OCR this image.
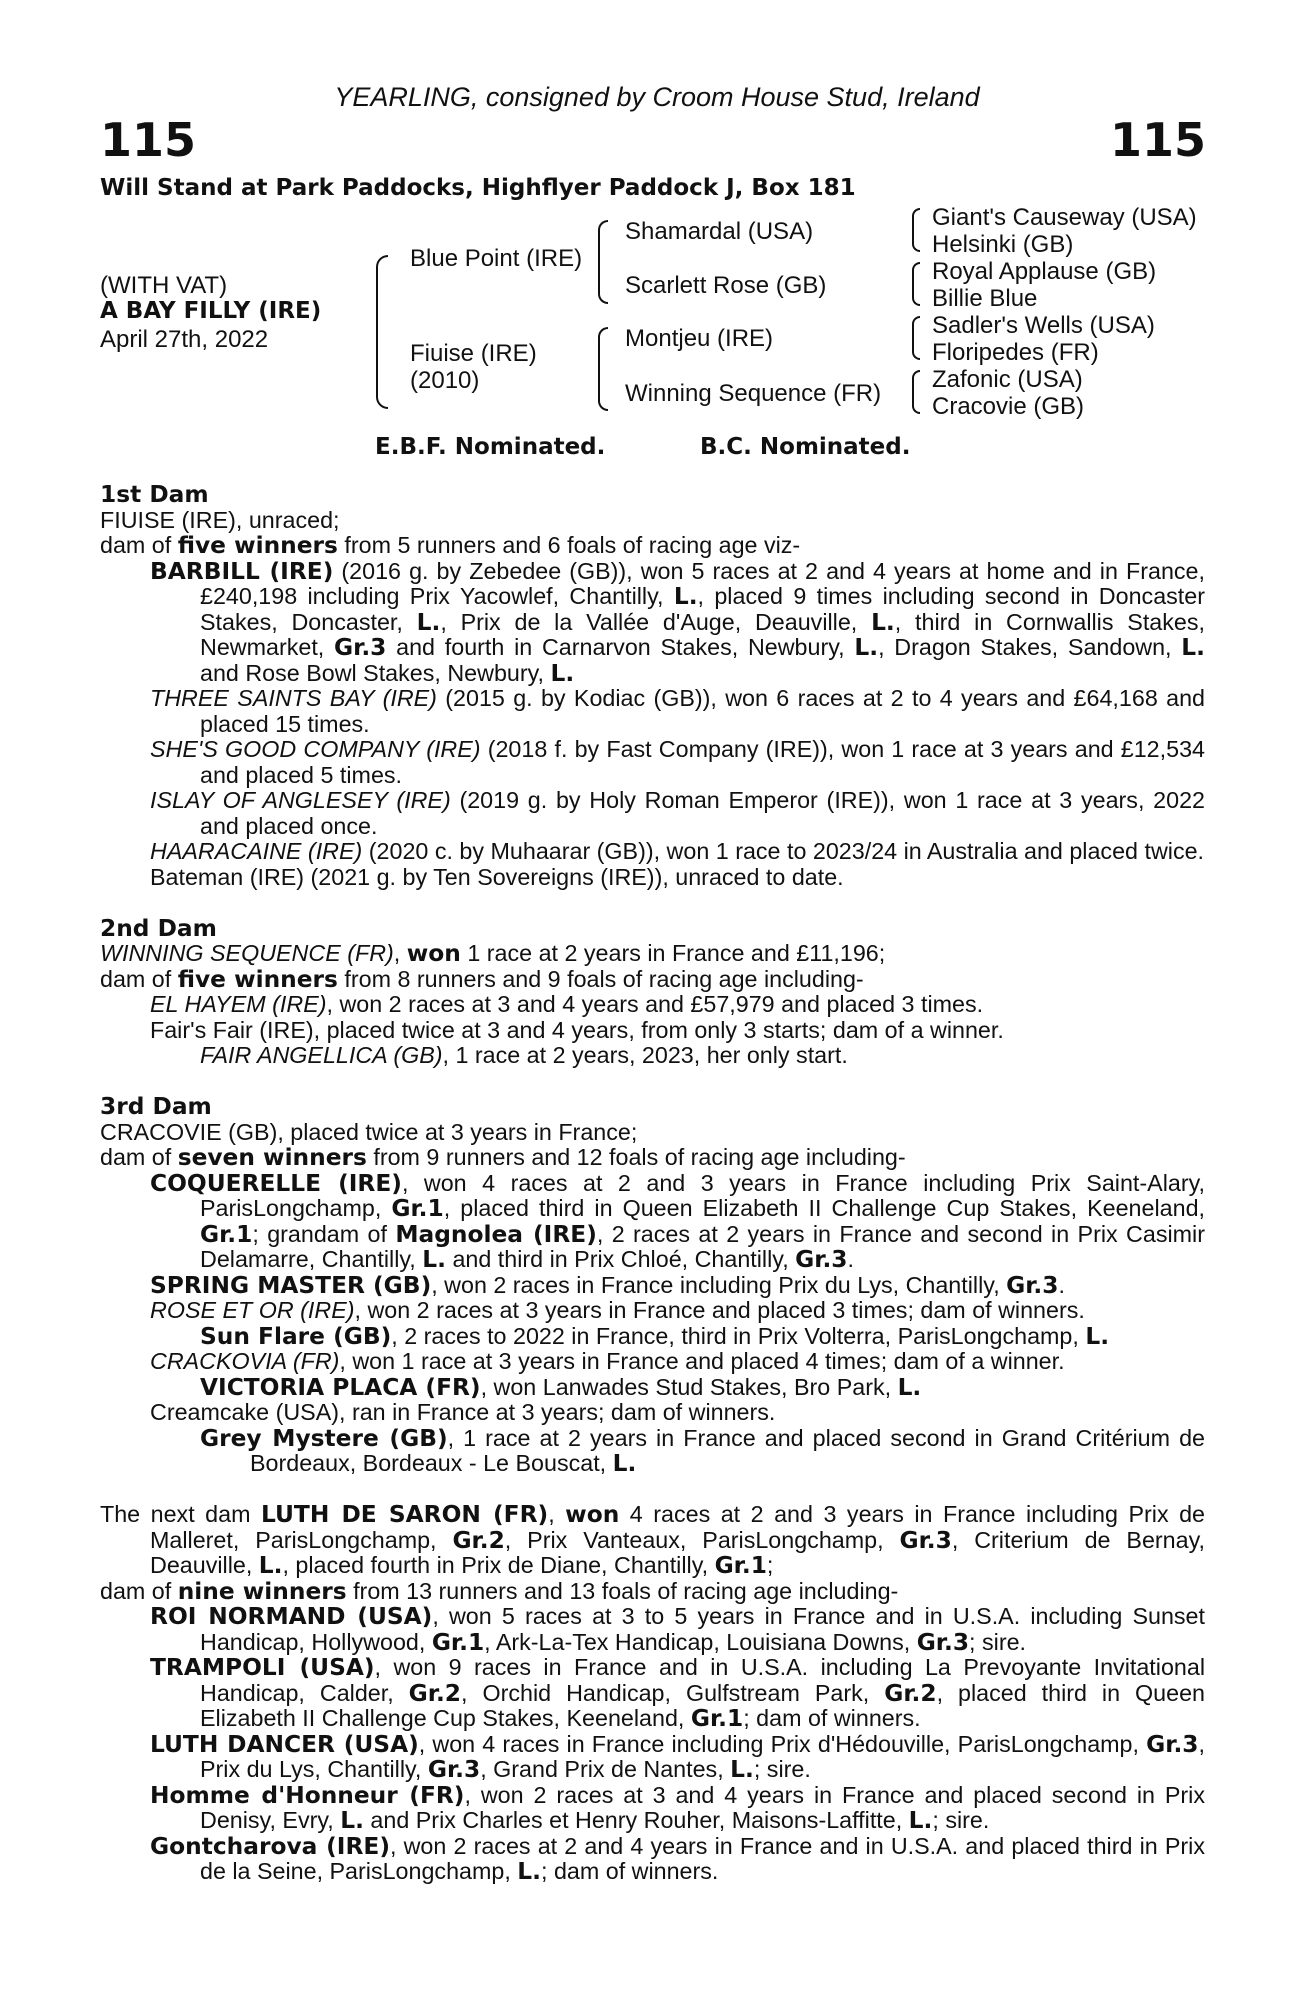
YEARLING, consigned by Croom House Stud, Ireland
115	115
Will Stand at Park Paddocks, Highflyer Paddock J, Box 181
(WITH VAT)
A BAY FILLY (IRE)
April 27th, 2022
Blue Point (IRE)
Fiuise (IRE)
(2010)
Shamardal (USA)
Scarlett Rose (GB)
Montjeu (IRE)
Winning Sequence (FR)
Giant's Causeway (USA)
Helsinki (GB)
Royal Applause (GB)
Billie Blue
Sadler's Wells (USA)
Floripedes (FR)
Zafonic (USA)
Cracovie (GB)
E.B.F. Nominated.	B.C. Nominated.

1st Dam

FIUISE (IRE), unraced;

dam of five winners from 5 runners and 6 foals of racing age viz-

BARBILL (IRE) (2016 g. by Zebedee (GB)), won 5 races at 2 and 4 years at home and in France, £240,198 including Prix Yacowlef, Chantilly, L., placed 9 times including second in Doncaster Stakes, Doncaster, L., Prix de la Vallée d'Auge, Deauville, L., third in Cornwallis Stakes, Newmarket, Gr.3 and fourth in Carnarvon Stakes, Newbury, L., Dragon Stakes, Sandown, L. and Rose Bowl Stakes, Newbury, L.

THREE SAINTS BAY (IRE) (2015 g. by Kodiac (GB)), won 6 races at 2 to 4 years and £64,168 and placed 15 times.

SHE'S GOOD COMPANY (IRE) (2018 f. by Fast Company (IRE)), won 1 race at 3 years and £12,534 and placed 5 times.

ISLAY OF ANGLESEY (IRE) (2019 g. by Holy Roman Emperor (IRE)), won 1 race at 3 years, 2022 and placed once.

HAARACAINE (IRE) (2020 c. by Muhaarar (GB)), won 1 race to 2023/24 in Australia and placed twice.

Bateman (IRE) (2021 g. by Ten Sovereigns (IRE)), unraced to date.

2nd Dam

WINNING SEQUENCE (FR), won 1 race at 2 years in France and £11,196;

dam of five winners from 8 runners and 9 foals of racing age including-

EL HAYEM (IRE), won 2 races at 3 and 4 years and £57,979 and placed 3 times.

Fair's Fair (IRE), placed twice at 3 and 4 years, from only 3 starts; dam of a winner.

FAIR ANGELLICA (GB), 1 race at 2 years, 2023, her only start.

3rd Dam

CRACOVIE (GB), placed twice at 3 years in France;

dam of seven winners from 9 runners and 12 foals of racing age including-

COQUERELLE (IRE), won 4 races at 2 and 3 years in France including Prix Saint-Alary, ParisLongchamp, Gr.1, placed third in Queen Elizabeth II Challenge Cup Stakes, Keeneland, Gr.1; grandam of Magnolea (IRE), 2 races at 2 years in France and second in Prix Casimir Delamarre, Chantilly, L. and third in Prix Chloé, Chantilly, Gr.3.

SPRING MASTER (GB), won 2 races in France including Prix du Lys, Chantilly, Gr.3.

ROSE ET OR (IRE), won 2 races at 3 years in France and placed 3 times; dam of winners.

Sun Flare (GB), 2 races to 2022 in France, third in Prix Volterra, ParisLongchamp, L.

CRACKOVIA (FR), won 1 race at 3 years in France and placed 4 times; dam of a winner.

VICTORIA PLACA (FR), won Lanwades Stud Stakes, Bro Park, L.

Creamcake (USA), ran in France at 3 years; dam of winners.

Grey Mystere (GB), 1 race at 2 years in France and placed second in Grand Critérium de Bordeaux, Bordeaux - Le Bouscat, L.

The next dam LUTH DE SARON (FR), won 4 races at 2 and 3 years in France including Prix de Malleret, ParisLongchamp, Gr.2, Prix Vanteaux, ParisLongchamp, Gr.3, Criterium de Bernay, Deauville, L., placed fourth in Prix de Diane, Chantilly, Gr.1;

dam of nine winners from 13 runners and 13 foals of racing age including-

ROI NORMAND (USA), won 5 races at 3 to 5 years in France and in U.S.A. including Sunset Handicap, Hollywood, Gr.1, Ark-La-Tex Handicap, Louisiana Downs, Gr.3; sire.

TRAMPOLI (USA), won 9 races in France and in U.S.A. including La Prevoyante Invitational Handicap, Calder, Gr.2, Orchid Handicap, Gulfstream Park, Gr.2, placed third in Queen Elizabeth II Challenge Cup Stakes, Keeneland, Gr.1; dam of winners.

LUTH DANCER (USA), won 4 races in France including Prix d'Hédouville, ParisLongchamp, Gr.3, Prix du Lys, Chantilly, Gr.3, Grand Prix de Nantes, L.; sire.

Homme d'Honneur (FR), won 2 races at 3 and 4 years in France and placed second in Prix Denisy, Evry, L. and Prix Charles et Henry Rouher, Maisons-Laffitte, L.; sire.

Gontcharova (IRE), won 2 races at 2 and 4 years in France and in U.S.A. and placed third in Prix de la Seine, ParisLongchamp, L.; dam of winners.
